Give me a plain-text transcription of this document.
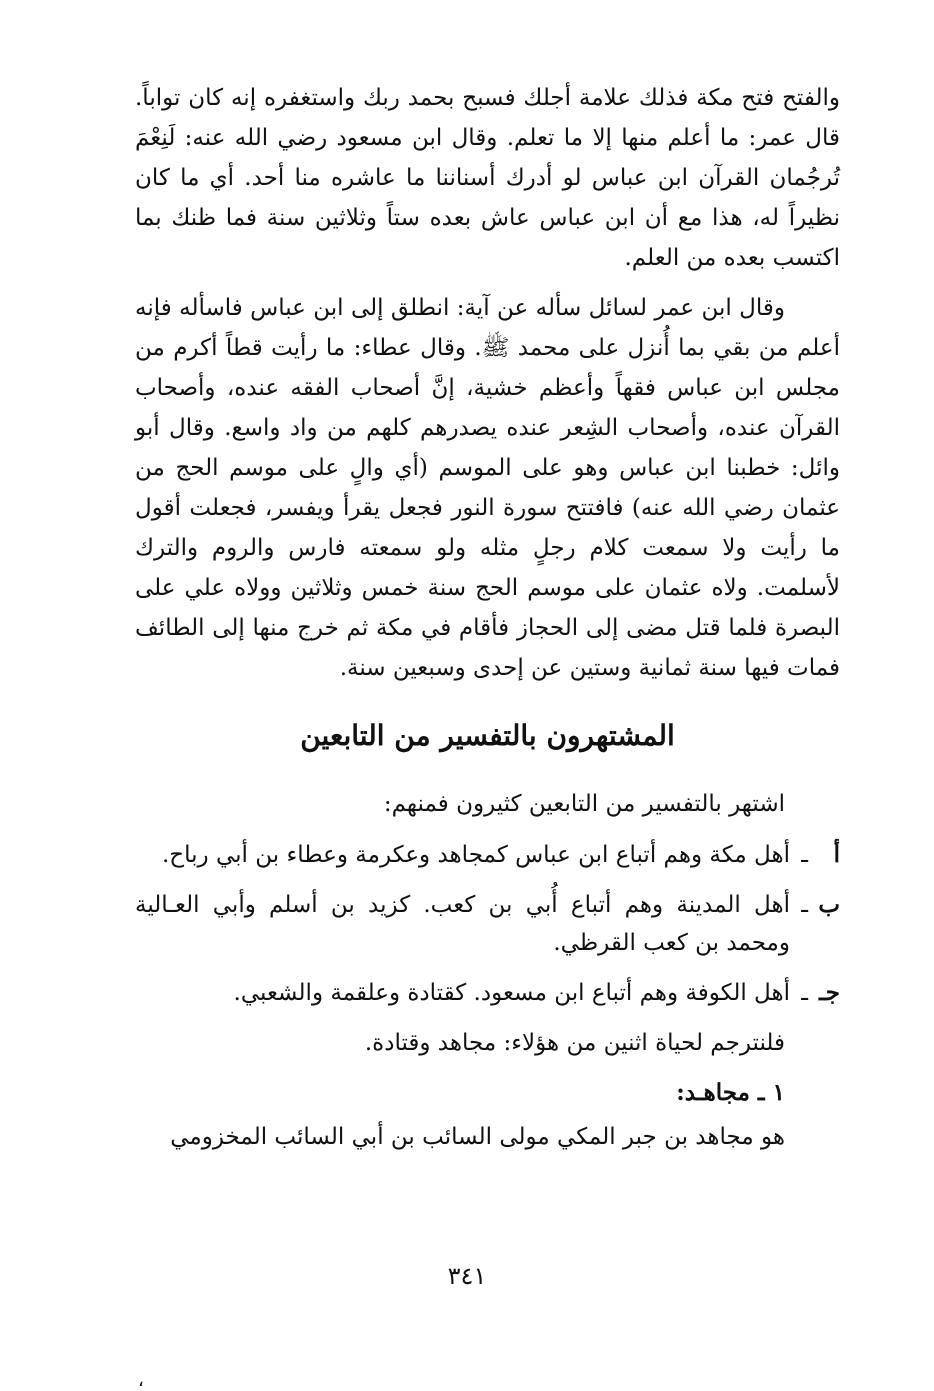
والفتح فتح مكة فذلك علامة أجلك فسبح بحمد ربك واستغفره إنه كان تواباً. قال عمر: ما أعلم منها إلا ما تعلم. وقال ابن مسعود رضي الله عنه: لَنِعْمَ تُرجُمان القرآن ابن عباس لو أدرك أسناننا ما عاشره منا أحد. أي ما كان نظيراً له، هذا مع أن ابن عباس عاش بعده ستاً وثلاثين سنة فما ظنك بما اكتسب بعده من العلم.

وقال ابن عمر لسائل سأله عن آية: انطلق إلى ابن عباس فاسأله فإنه أعلم من بقي بما أُنزل على محمد ﷺ. وقال عطاء: ما رأيت قطاً أكرم من مجلس ابن عباس فقهاً وأعظم خشية، إنَّ أصحاب الفقه عنده، وأصحاب القرآن عنده، وأصحاب الشِعر عنده يصدرهم كلهم من واد واسع. وقال أبو وائل: خطبنا ابن عباس وهو على الموسم (أي والٍ على موسم الحج من عثمان رضي الله عنه) فافتتح سورة النور فجعل يقرأ ويفسر، فجعلت أقول ما رأيت ولا سمعت كلام رجلٍ مثله ولو سمعته فارس والروم والترك لأسلمت. ولاه عثمان على موسم الحج سنة خمس وثلاثين وولاه علي على البصرة فلما قتل مضى إلى الحجاز فأقام في مكة ثم خرج منها إلى الطائف فمات فيها سنة ثمانية وستين عن إحدى وسبعين سنة.

المشتهرون بالتفسير من التابعين
اشتهر بالتفسير من التابعين كثيرون فمنهم:
أ
ـ
أهل مكة وهم أتباع ابن عباس كمجاهد وعكرمة وعطاء بن أبي رباح.
ب
ـ
أهل المدينة وهم أتباع أُبي بن كعب. كزيد بن أسلم وأبي العـالية ومحمد بن كعب القرظي.
جـ
ـ
أهل الكوفة وهم أتباع ابن مسعود. كقتادة وعلقمة والشعبي.
فلنترجم لحياة اثنين من هؤلاء: مجاهد وقتادة.
١ ـ مجاهـد:
هو مجاهد بن جبر المكي مولى السائب بن أبي السائب المخزومي
٣٤١
،
